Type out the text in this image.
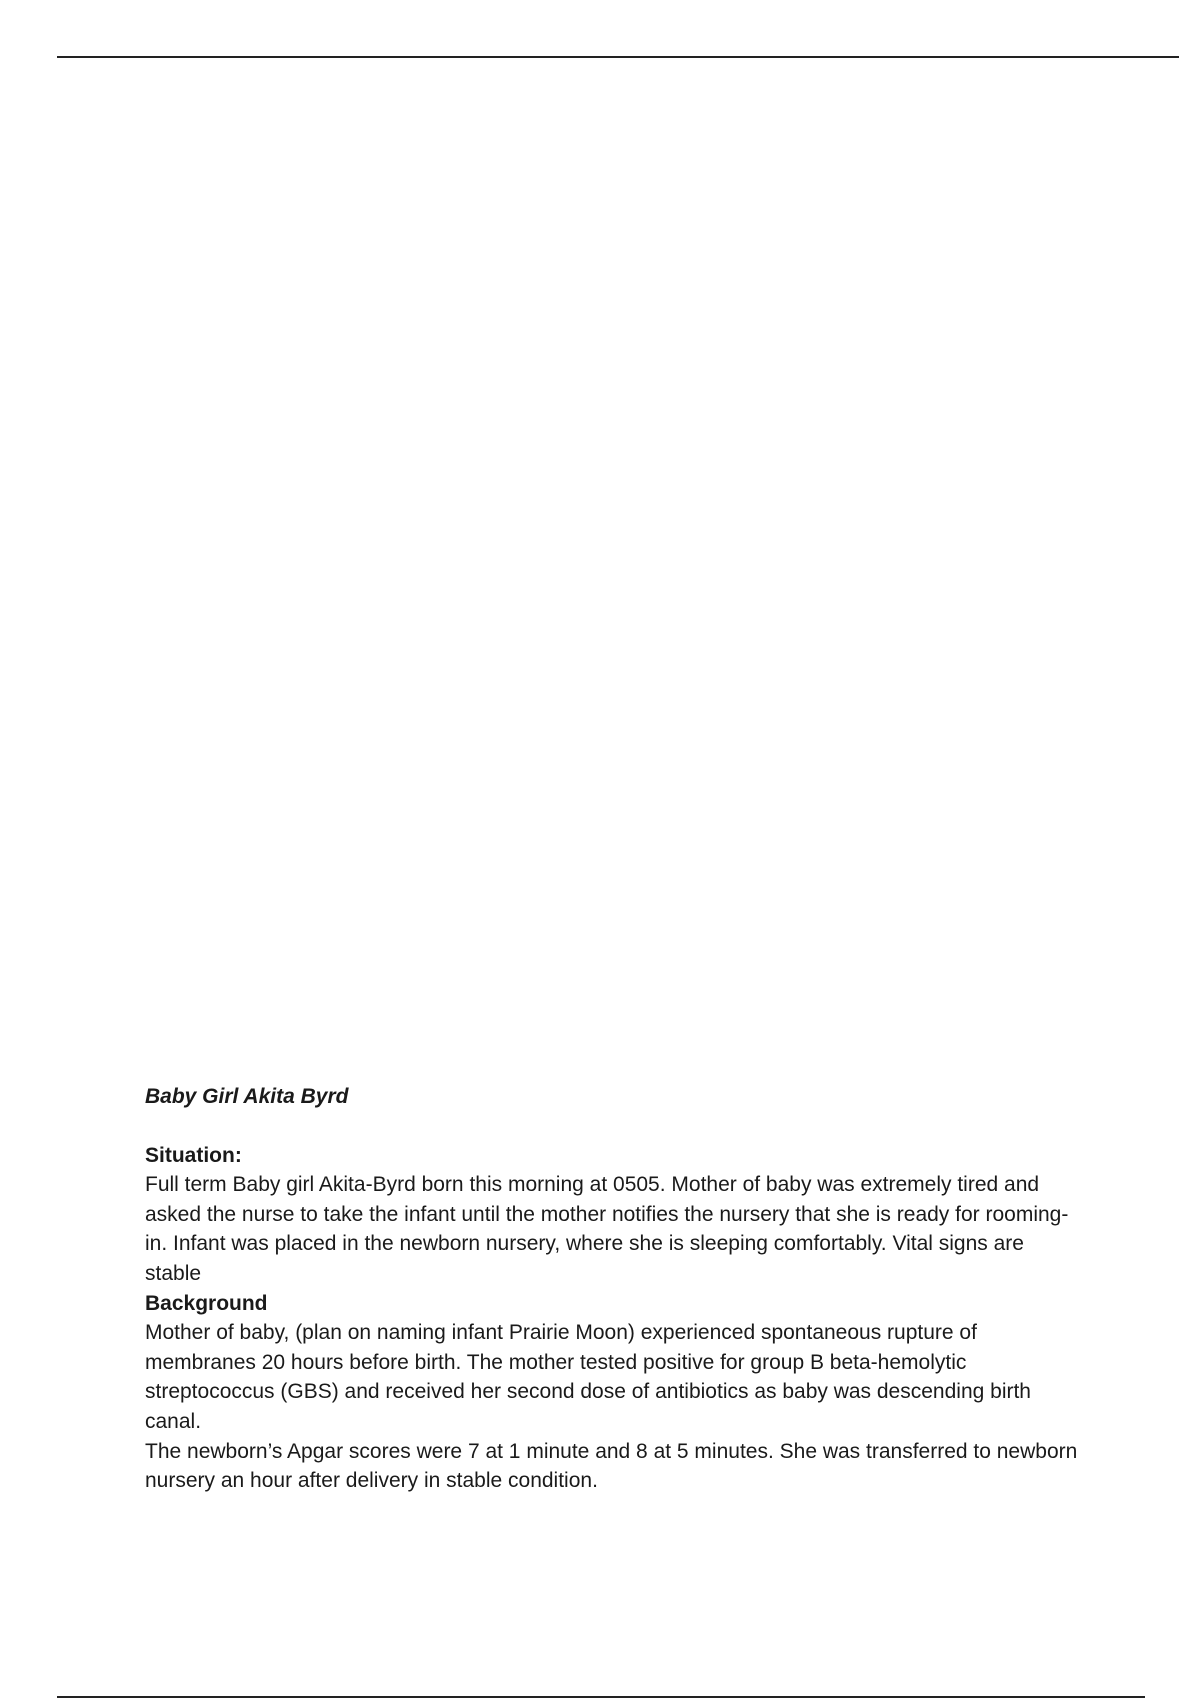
Baby Girl Akita Byrd

Situation:

Full term Baby girl Akita-Byrd born this morning at 0505. Mother of baby was extremely tired and asked the nurse to take the infant until the mother notifies the nursery that she is ready for rooming-in. Infant was placed in the newborn nursery, where she is sleeping comfortably. Vital signs are stable

Background

Mother of baby, (plan on naming infant Prairie Moon) experienced spontaneous rupture of membranes 20 hours before birth. The mother tested positive for group B beta-hemolytic streptococcus (GBS) and received her second dose of antibiotics as baby was descending birth canal.

The newborn’s Apgar scores were 7 at 1 minute and 8 at 5 minutes. She was transferred to newborn nursery an hour after delivery in stable condition.
